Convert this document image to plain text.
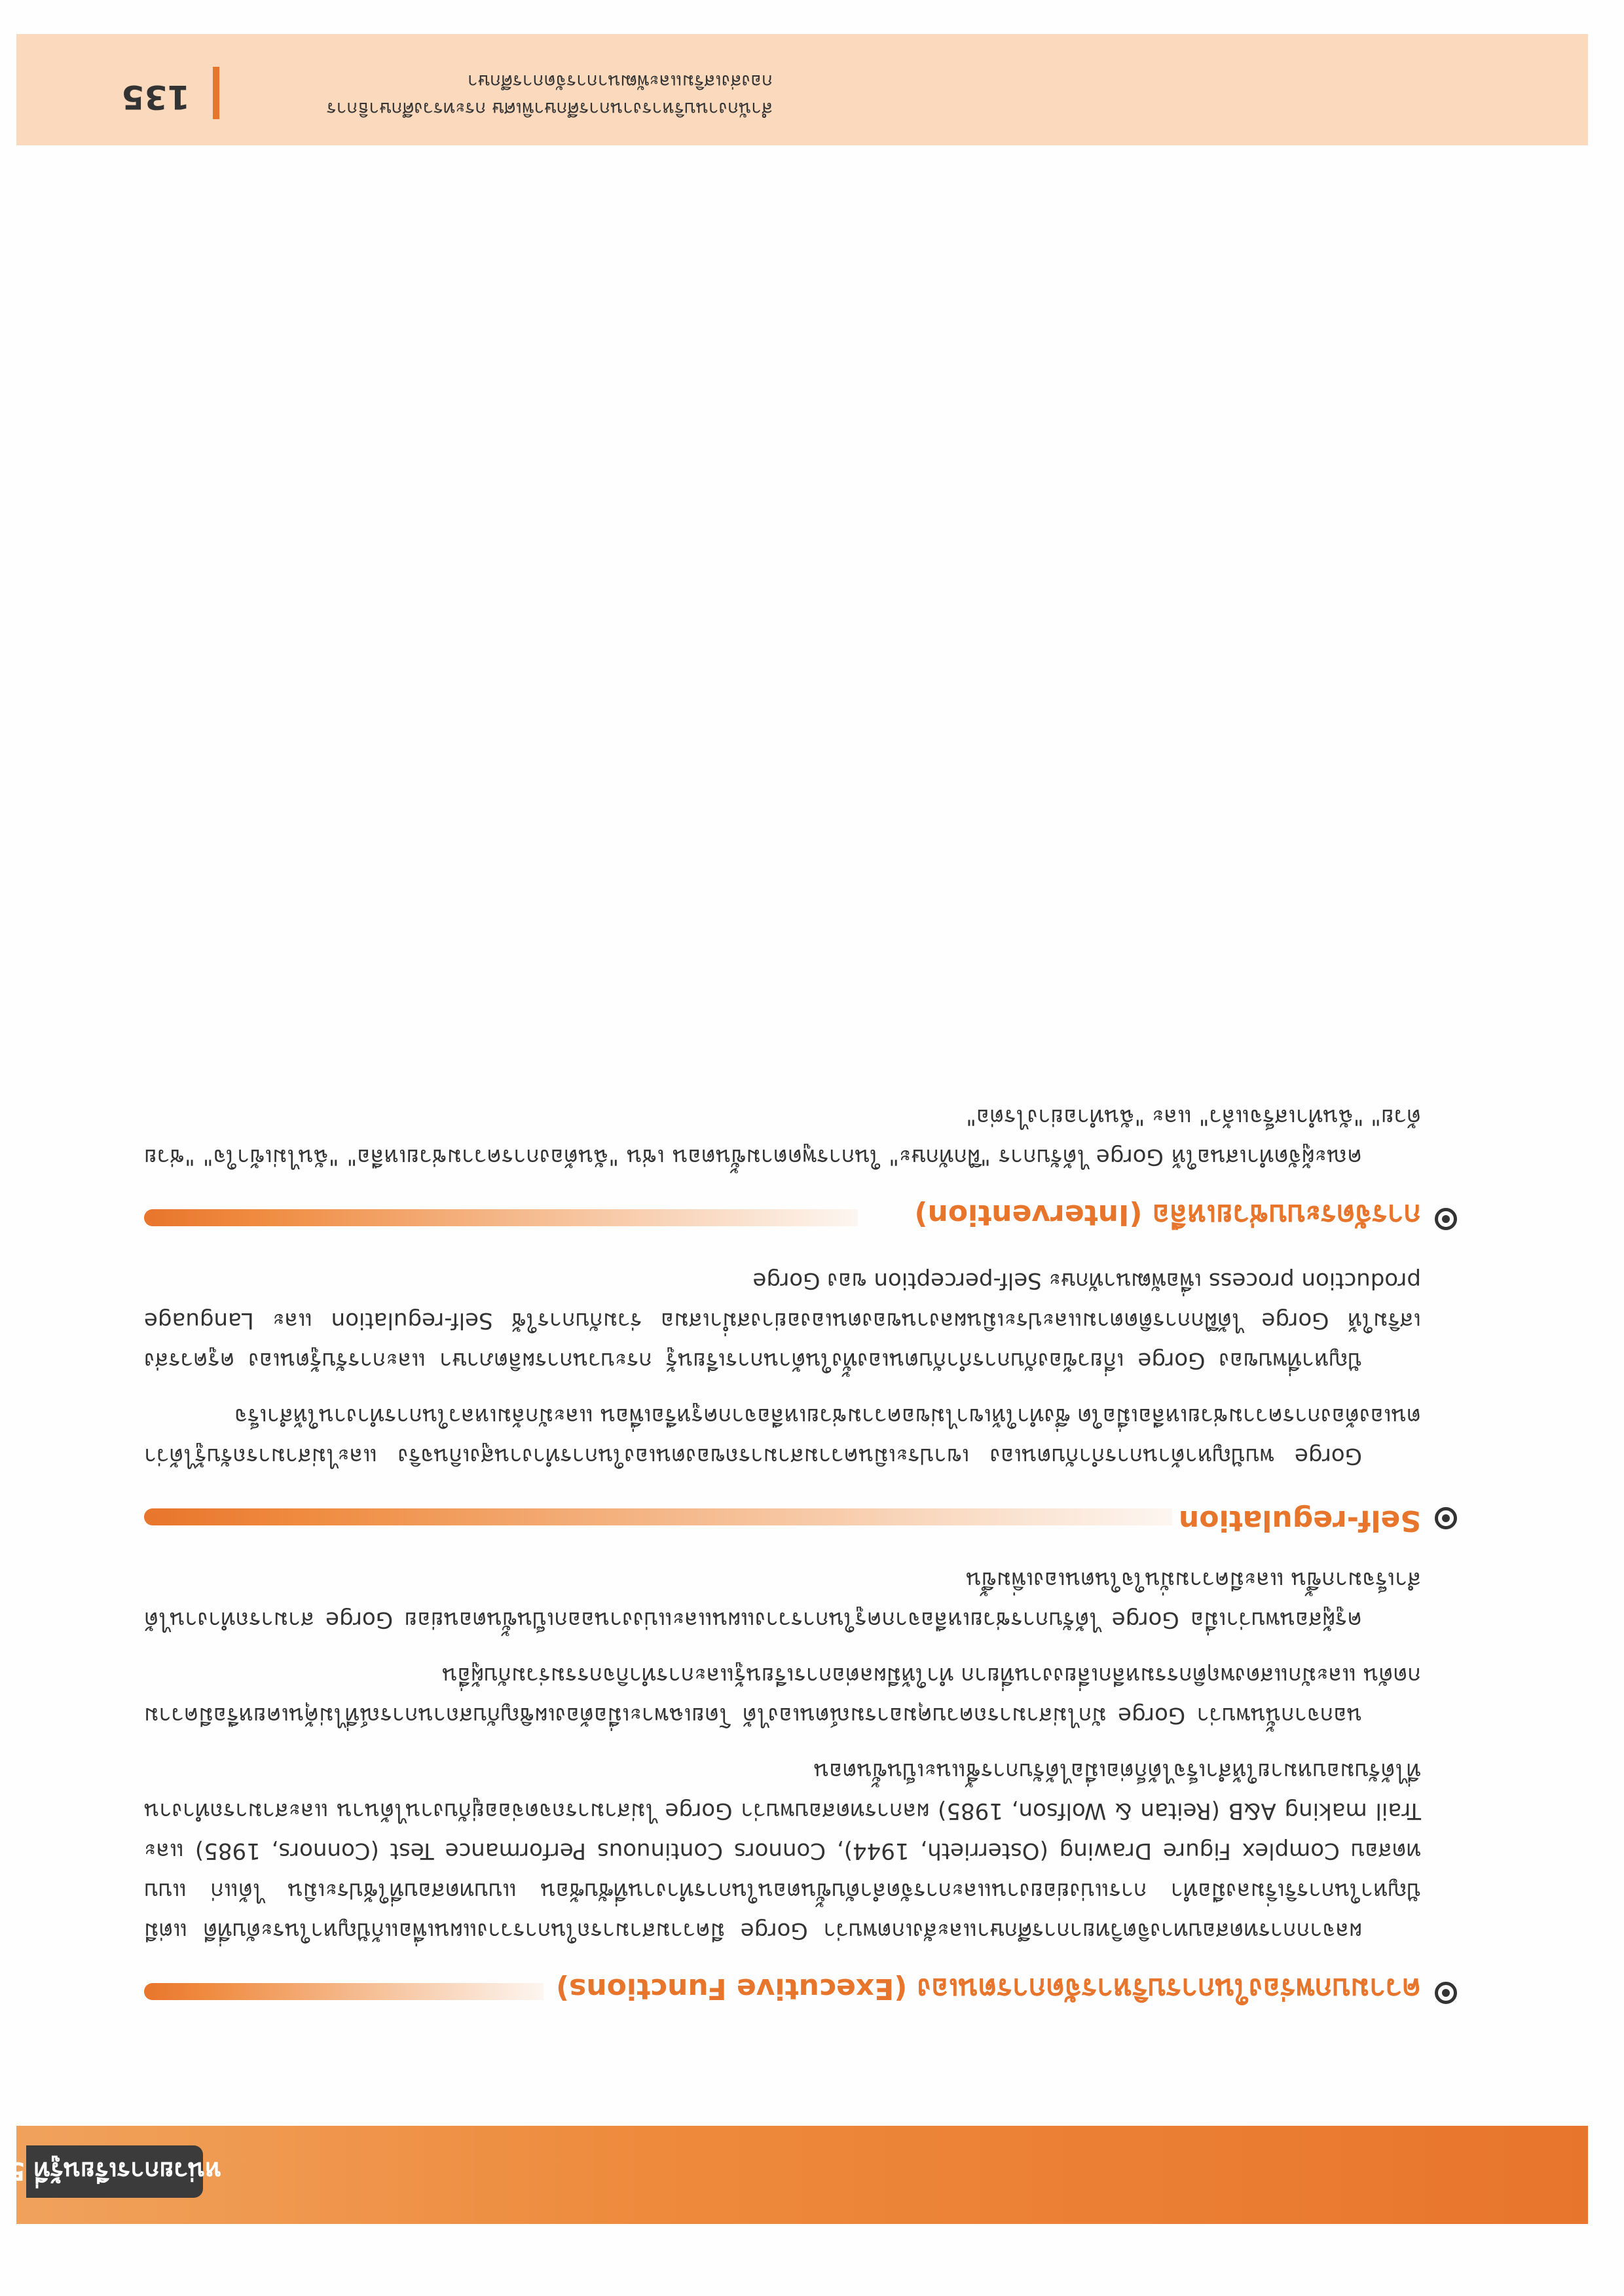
หน่วยการเรียนรู้ที่ 5
ความบกพร่องในการบริหารจัดการตนเอง (Executive Functions)

ผลจากการทดสอบทางจิตวิทยาการศึกษาและสังเกตพบว่า Gorge มีความสามารถในการวางแผนเพื่อแก้ปัญหาในระดับที่ดี แต่มีปัญหาในการริเริ่มลงมือทำ การแบ่งย่อยงานและการจัดลำดับขั้นตอนในการทำงานที่ซับซ้อน แบบทดสอบที่ใช้ประเมิน ได้แก่ แบบทดสอบ Complex Figure Drawing (Osterrieth, 1944), Connors Continuous Performance Test (Connors, 1985) และ Trail making A&B (Reitan & Wolfson, 1985) ผลการทดสอบพบว่า Gorge ไม่สามารถจดจ่ออยู่กับงานได้นาน และสามารถทำงานที่ได้รับมอบหมายให้สำเร็จได้ก็ต่อเมื่อได้รับการชี้แนะเป็นขั้นตอน

นอกจากนั้นพบว่า Gorge มักไม่สามารถควบคุมอารมณ์ตนเองได้ โดยเฉพาะเมื่อต้องเผชิญกับสถานการณ์ที่ไม่คุ้นเคยหรือมีความกดดัน และมักแสดงพฤติกรรมหลีกเลี่ยงงานที่ยาก ทำให้มีผลต่อการเรียนรู้และการทำกิจกรรมร่วมกับผู้อื่น

ครูผู้สอนพบว่าเมื่อ Gorge ได้รับการช่วยเหลือจากครูในการวางแผนและแบ่งงานออกเป็นขั้นตอนย่อย Gorge สามารถทำงานได้สำเร็จมากขึ้น และมีความมั่นใจในตนเองเพิ่มขึ้น

Self-regulation

Gorge พบปัญหาด้านการกำกับตนเอง เขาประเมินความสามารถของตนเองในการทำงานสูงเกินจริง และไม่สามารถรับรู้ได้ว่าตนเองต้องการความช่วยเหลือเมื่อใด ซึ่งทำให้เขาไม่ขอความช่วยเหลือจากครูหรือเพื่อน และมักล้มเหลวในการทำงานให้สำเร็จ

ปัญหาที่พบของ Gorge เกี่ยวข้องกับการกำกับตนเองทั้งในด้านการเรียนรู้ กระบวนการผลิตภาษา และการรับรู้ตนเอง ครูควรส่งเสริมให้ Gorge ได้ฝึกการติดตามและประเมินผลงานของตนเองอย่างสม่ำเสมอ ร่วมกับการใช้ Self-regulation และ Language production process เพื่อพัฒนาทักษะ Self-perception ของ Gorge

การจัดระบบช่วยเหลือ (Intervention)

คณะผู้จัดทำเสนอให้ Gorge ได้รับการ "ฝึกทักษะ" ในการพูดตามขั้นตอน เช่น "ฉันต้องการความช่วยเหลือ" "ฉันไม่เข้าใจ" "ช่วยด้วย" "ฉันทำเสร็จแล้ว" และ "ฉันทำอย่างไรต่อ"

135	สำนักงานบริหารงานการศึกษาพิเศษ กระทรวงศึกษาธิการ
กองส่งเสริมและพัฒนาการจัดการศึกษา
